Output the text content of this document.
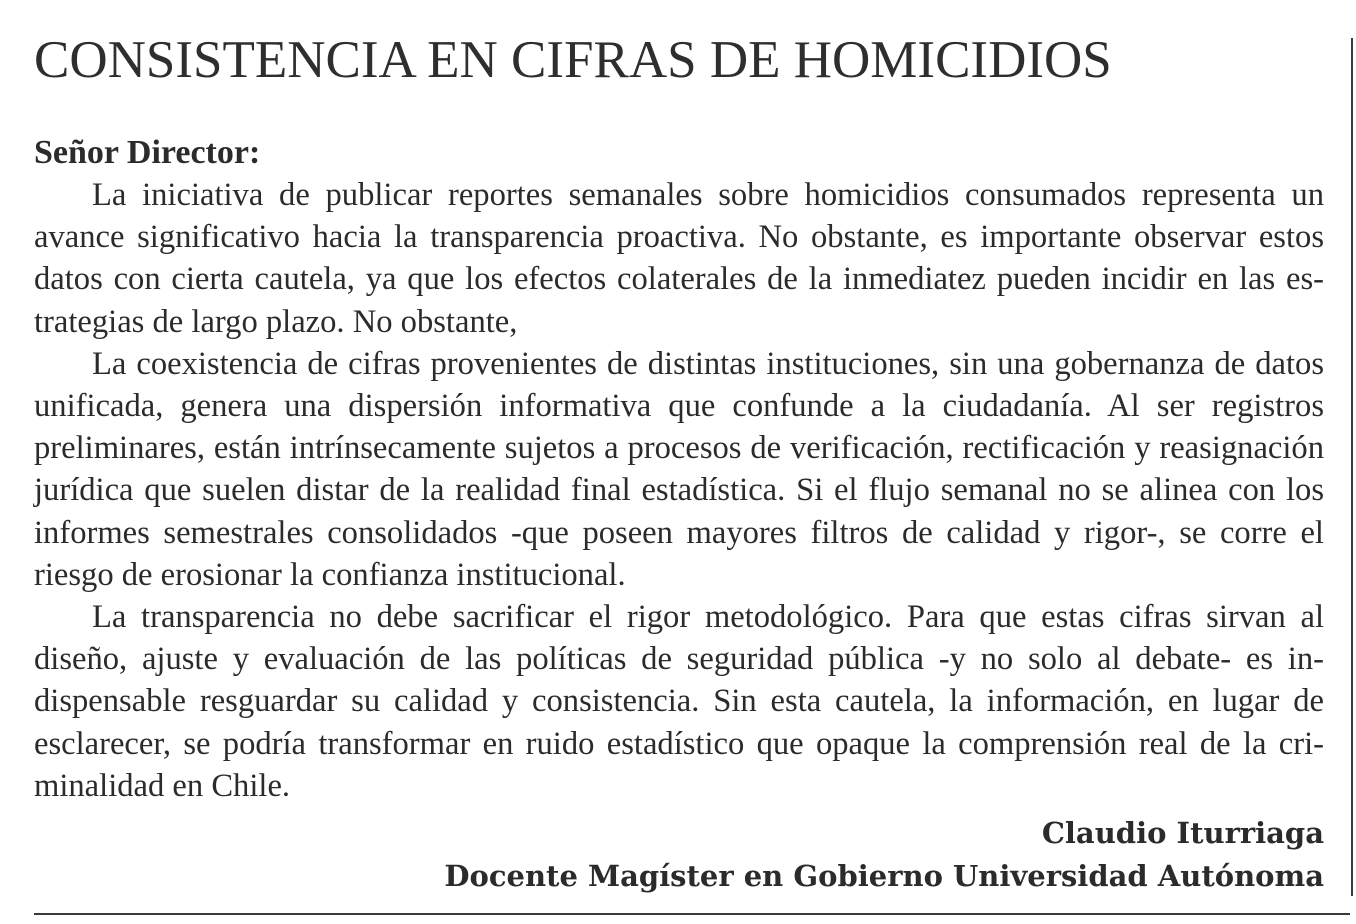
CONSISTENCIA EN CIFRAS DE HOMICIDIOS

Señor Director:

La iniciativa de publicar reportes semanales sobre homicidios consumados representa un avance significativo hacia la transparencia proactiva. No obstante, es importante observar estos datos con cierta cautela, ya que los efectos colaterales de la inmediatez pueden incidir en las estrategias de largo plazo. No obstante,

La coexistencia de cifras provenientes de distintas instituciones, sin una gobernanza de datos unificada, genera una dispersión informativa que confunde a la ciudadanía. Al ser registros preliminares, están intrínsecamente sujetos a procesos de verificación, rectificación y reasignación jurídica que suelen distar de la realidad final estadística. Si el flujo semanal no se alinea con los informes semestrales consolidados -que poseen mayores filtros de calidad y rigor-, se corre el riesgo de erosionar la confianza institucional.

La transparencia no debe sacrificar el rigor metodológico. Para que estas cifras sirvan al diseño, ajuste y evaluación de las políticas de seguridad pública -y no solo al debate- es indispensable resguardar su calidad y consistencia. Sin esta cautela, la información, en lugar de esclarecer, se podría transformar en ruido estadístico que opaque la comprensión real de la criminalidad en Chile.

Claudio Iturriaga
Docente Magíster en Gobierno Universidad Autónoma
